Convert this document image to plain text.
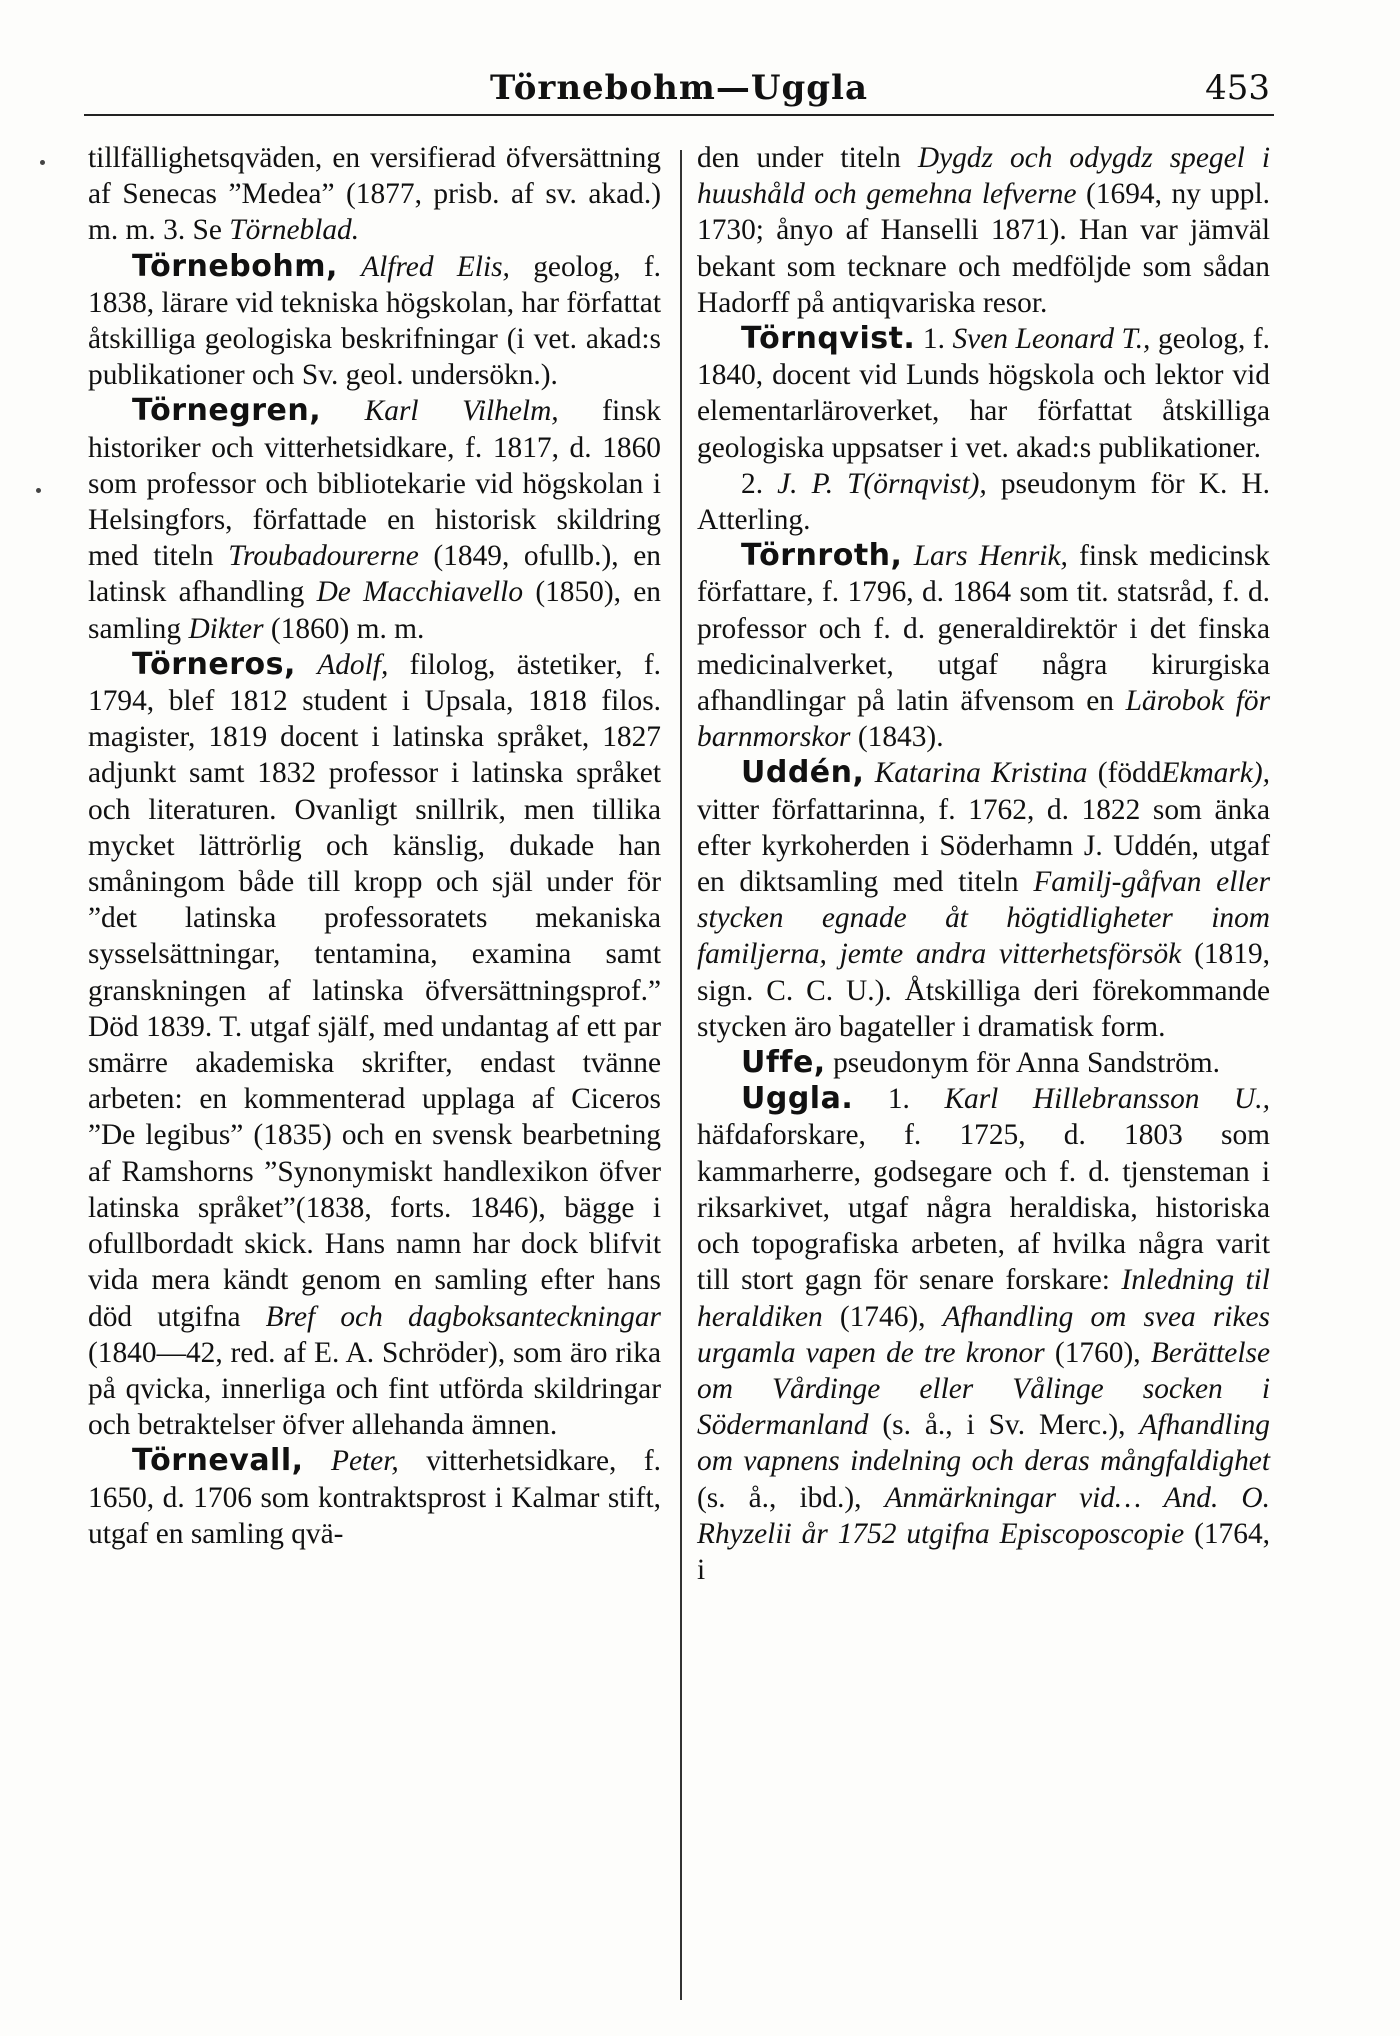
Törnebohm—Uggla	453

tillfällighetsqväden, en versifierad öfversättning af Senecas ”Medea” (1877, prisb. af sv. akad.) m. m. 3. Se Törneblad.

Törnebohm, Alfred Elis, geolog, f. 1838, lärare vid tekniska högskolan, har författat åtskilliga geologiska beskrifningar (i vet. akad:s publikationer och Sv. geol. undersökn.).

Törnegren, Karl Vilhelm, finsk historiker och vitterhetsidkare, f. 1817, d. 1860 som professor och bibliotekarie vid högskolan i Helsingfors, författade en historisk skildring med titeln Troubadourerne (1849, ofullb.), en latinsk afhandling De Macchiavello (1850), en samling Dikter (1860) m. m.

Törneros, Adolf, filolog, ästetiker, f. 1794, blef 1812 student i Upsala, 1818 filos. magister, 1819 docent i latinska språket, 1827 adjunkt samt 1832 professor i latinska språket och literaturen. Ovanligt snillrik, men tillika mycket lättrörlig och känslig, dukade han småningom både till kropp och själ under för ”det latinska professoratets mekaniska sysselsättningar, tentamina, examina samt granskningen af latinska öfversättningsprof.” Död 1839. T. utgaf själf, med undantag af ett par smärre akademiska skrifter, endast tvänne arbeten: en kommenterad upplaga af Ciceros ”De legibus” (1835) och en svensk bearbetning af Ramshorns ”Synonymiskt handlexikon öfver latinska språket”(1838, forts. 1846), bägge i ofullbordadt skick. Hans namn har dock blifvit vida mera kändt genom en samling efter hans död utgifna Bref och dagboksanteckningar (1840—42, red. af E. A. Schröder), som äro rika på qvicka, innerliga och fint utförda skildringar och betraktelser öfver allehanda ämnen.

Törnevall, Peter, vitterhetsidkare, f. 1650, d. 1706 som kontraktsprost i Kalmar stift, utgaf en samling qvä-

den under titeln Dygdz och odygdz spegel i huushåld och gemehna lefverne (1694, ny uppl. 1730; ånyo af Hanselli 1871). Han var jämväl bekant som tecknare och medföljde som sådan Hadorff på antiqvariska resor.

Törnqvist. 1. Sven Leonard T., geolog, f. 1840, docent vid Lunds högskola och lektor vid elementarläroverket, har författat åtskilliga geologiska uppsatser i vet. akad:s publikationer.

2. J. P. T(örnqvist), pseudonym för K. H. Atterling.

Törnroth, Lars Henrik, finsk medicinsk författare, f. 1796, d. 1864 som tit. statsråd, f. d. professor och f. d. generaldirektör i det finska medicinalverket, utgaf några kirurgiska afhandlingar på latin äfvensom en Lärobok för barnmorskor (1843).

Uddén, Katarina Kristina (föddEkmark), vitter författarinna, f. 1762, d. 1822 som änka efter kyrkoherden i Söderhamn J. Uddén, utgaf en diktsamling med titeln Familj-gåfvan eller stycken egnade åt högtidligheter inom familjerna, jemte andra vitterhetsförsök (1819, sign. C. C. U.). Åtskilliga deri förekommande stycken äro bagateller i dramatisk form.

Uffe, pseudonym för Anna Sandström.

Uggla. 1. Karl Hillebransson U., häfdaforskare, f. 1725, d. 1803 som kammarherre, godsegare och f. d. tjensteman i riksarkivet, utgaf några heraldiska, historiska och topografiska arbeten, af hvilka några varit till stort gagn för senare forskare: Inledning til heraldiken (1746), Afhandling om svea rikes urgamla vapen de tre kronor (1760), Berättelse om Vårdinge eller Vålinge socken i Södermanland (s. å., i Sv. Merc.), Afhandling om vapnens indelning och deras mångfaldighet (s. å., ibd.), Anmärkningar vid… And. O. Rhyzelii år 1752 utgifna Episcoposcopie (1764, i
